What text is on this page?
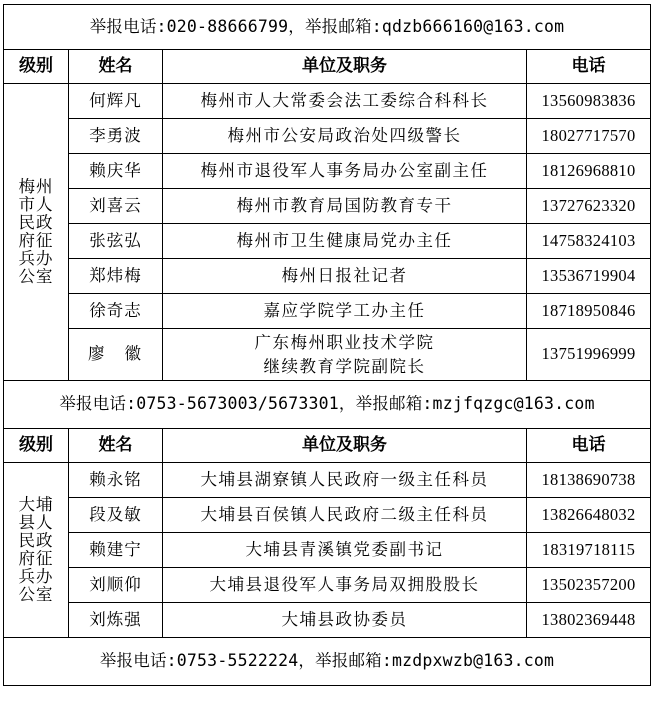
举报电话:020-88666799，举报邮箱:qdzb666160@163.com			
级别	姓名	单位及职务	电话
梅州市人民政府征兵办公室	何辉凡	梅州市人大常委会法工委综合科科长	13560983836
	李勇波	梅州市公安局政治处四级警长	18027717570
	赖庆华	梅州市退役军人事务局办公室副主任	18126968810
	刘喜云	梅州市教育局国防教育专干	13727623320
	张弦弘	梅州市卫生健康局党办主任	14758324103
	郑炜梅	梅州日报社记者	13536719904
	徐奇志	嘉应学院学工办主任	18718950846
	廖徽	广东梅州职业技术学院
继续教育学院副院长	13751996999
举报电话:0753-5673003/5673301，举报邮箱:mzjfqzgc@163.com			
级别	姓名	单位及职务	电话
大埔县人民政府征兵办公室	赖永铭	大埔县湖寮镇人民政府一级主任科员	18138690738
	段及敏	大埔县百侯镇人民政府二级主任科员	13826648032
	赖建宁	大埔县青溪镇党委副书记	18319718115
	刘顺仰	大埔县退役军人事务局双拥股股长	13502357200
	刘炼强	大埔县政协委员	13802369448
举报电话:0753-5522224，举报邮箱:mzdpxwzb@163.com			
